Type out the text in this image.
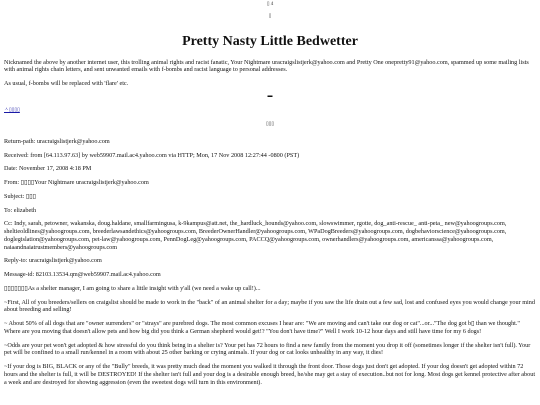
▯ 4
▯
Pretty Nasty Little Bedwetter

Nicknamed the above by another internet user, this trolling animal rights and racist fanatic, Your Nightmare uracraigslistjerk@yahoo.com and Pretty One onepretty91@yahoo.com, spammed up some mailing lists with animal rights chain letters, and sent unwanted emails with f-bombs and racist language to personal addresses.

As usual, f-bombs will be replaced with 'flare' etc.

▬
ㅅ▯▯▯▯
▯▯▯

Return-path: uracraigslistjerk@yahoo.com

Received: from [64.113.97.63] by web59907.mail.ac4.yahoo.com via HTTP; Mon, 17 Nov 2008 12:27:44 -0800 (PST)

Date: November 17, 2008 4:18 PM

From: ▯▯▯▯Your Nightmare uracraigslistjerk@yahoo.com

Subject: ▯▯▯

To: elizabeth

Cc: Indy, sarah, petowner, wakanska, doug.haldane, smallfarmingusa, k-9kampus@att.net, the_hardluck_hounds@yahoo.com, slowswimmer, rgotte, dog_anti-rescue_ anti-peta_ new@yahoogroups.com, sheltieoldlines@yahoogroups.com, breederlawsandethics@yahoogroups.com, BreederOwnerHandler@yahoogroups.com, WPaDogBreeders@yahoogroups.com, dogbehaviorscience@yahoogroups.com, doglegislation@yahoogroups.com, pet-law@yahoogroups.com, PennDogLeg@yahoogroups.com, PACCQ@yahoogroups.com, ownerhandlers@yahoogroups.com, americanssa@yahoogroups.com, naiaandnaiatrustmembers@yahoogroups.com

Reply-to: uracraigslistjerk@yahoo.com

Message-id: 82103.13534.qm@web59907.mail.ac4.yahoo.com

▯▯▯▯▯▯▯As a shelter manager, I am going to share a little insight with y'all (we need a wake up call!)...

~First, All of you breeders/sellers on craigslist should be made to work in the "back" of an animal shelter for a day; maybe if you saw the life drain out a few sad, lost and confused eyes you would change your mind about breeding and selling!

~ About 50% of all dogs that are "owner surrenders" or "strays" are purebred dogs. The most common excuses I hear are: "We are moving and can't take our dog or cat"...or..."The dog got b▯ than we thought." Where are you moving that doesn't allow pets and how big did you think a German shepherd would get!? "You don't have time?" Well I work 10-12 hour days and still have time for my 6 dogs!

~Odds are your pet won't get adopted & how stressful do you think being in a shelter is? Your pet has 72 hours to find a new family from the moment you drop it off (sometimes longer if the shelter isn't full). Your pet will be confined to a small run/kennel in a room with about 25 other barking or crying animals. If your dog or cat looks unhealthy in any way, it dies!

~If your dog is BIG, BLACK or any of the "Bully" breeds, it was pretty much dead the moment you walked it through the front door. Those dogs just don't get adopted. If your dog doesn't get adopted within 72 hours and the shelter is full, it will be DESTROYED! If the shelter isn't full and your dog is a desirable enough breed, he/she may get a stay of execution..but not for long. Most dogs get kennel protective after about a week and are destroyed for showing aggression (even the sweetest dogs will turn in this environment).
